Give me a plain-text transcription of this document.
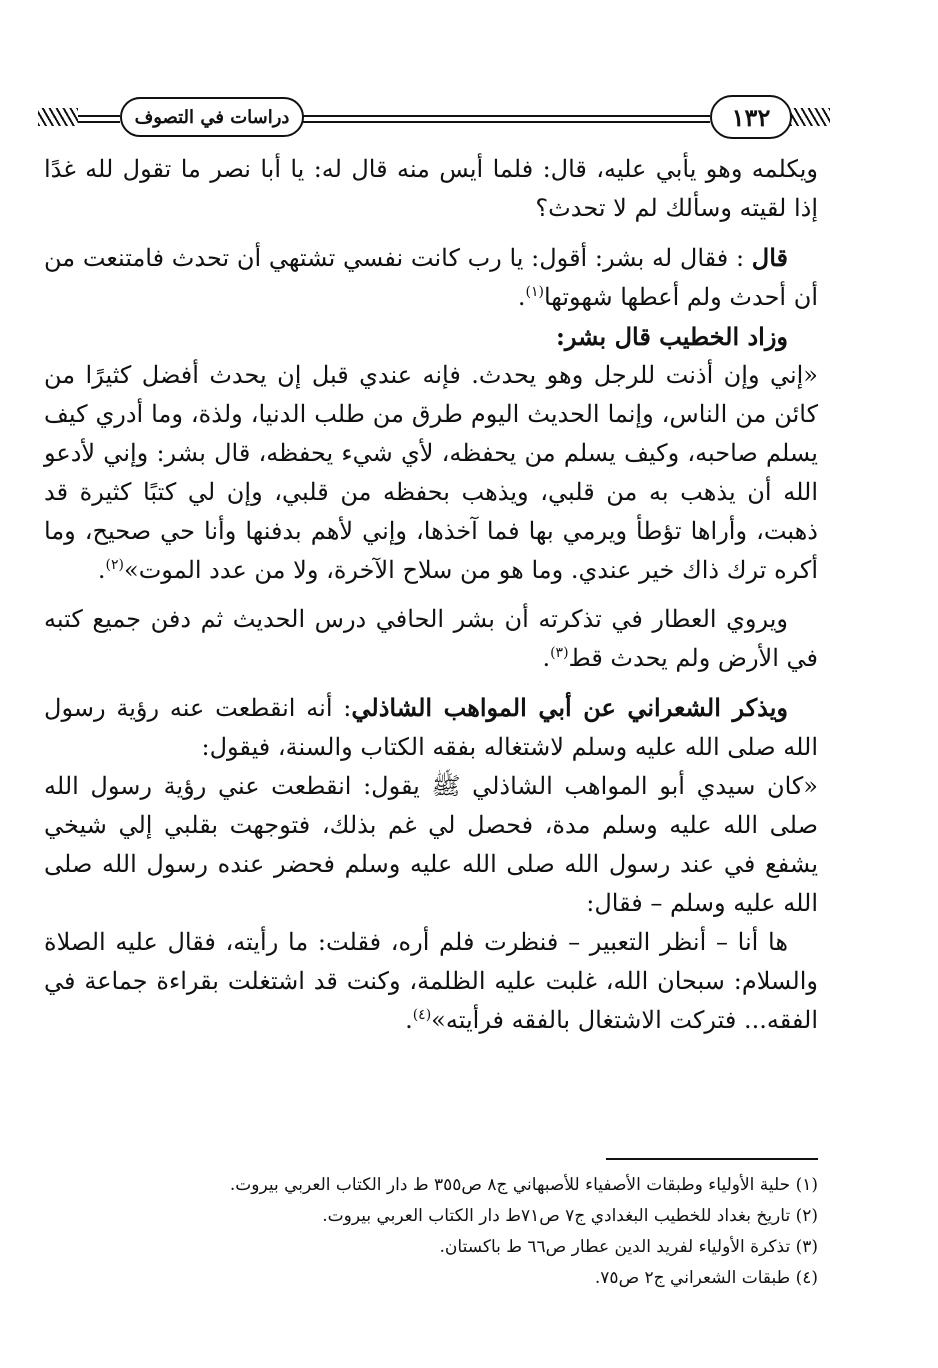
دراسات في التصوف	١٣٢

ويكلمه وهو يأبي عليه، قال: فلما أيس منه قال له: يا أبا نصر ما تقول لله غدًا إذا لقيته وسألك لم لا تحدث؟

قال : فقال له بشر: أقول: يا رب كانت نفسي تشتهي أن تحدث فامتنعت من أن أحدث ولم أعطها شهوتها$^{(١)}$.

وزاد الخطيب قال بشر:

«إني وإن أذنت للرجل وهو يحدث. فإنه عندي قبل إن يحدث أفضل كثيرًا من كائن من الناس، وإنما الحديث اليوم طرق من طلب الدنيا، ولذة، وما أدري كيف يسلم صاحبه، وكيف يسلم من يحفظه، لأي شيء يحفظه، قال بشر: وإني لأدعو الله أن يذهب به من قلبي، ويذهب بحفظه من قلبي، وإن لي كتبًا كثيرة قد ذهبت، وأراها تؤطأ ويرمي بها فما آخذها، وإني لأهم بدفنها وأنا حي صحيح، وما أكره ترك ذاك خير عندي. وما هو من سلاح الآخرة، ولا من عدد الموت»$^{(٢)}$.

ويروي العطار في تذكرته أن بشر الحافي درس الحديث ثم دفن جميع كتبه في الأرض ولم يحدث قط$^{(٣)}$.

ويذكر الشعراني عن أبي المواهب الشاذلي: أنه انقطعت عنه رؤية رسول الله صلى الله عليه وسلم لاشتغاله بفقه الكتاب والسنة، فيقول:

«كان سيدي أبو المواهب الشاذلي ﷺ يقول: انقطعت عني رؤية رسول الله صلى الله عليه وسلم مدة، فحصل لي غم بذلك، فتوجهت بقلبي إلي شيخي يشفع في عند رسول الله صلى الله عليه وسلم فحضر عنده رسول الله صلى الله عليه وسلم – فقال:

ها أنا – أنظر التعبير – فنظرت فلم أره، فقلت: ما رأيته، فقال عليه الصلاة والسلام: سبحان الله، غلبت عليه الظلمة، وكنت قد اشتغلت بقراءة جماعة في الفقه... فتركت الاشتغال بالفقه فرأيته»$^{(٤)}$.

(١) حلية الأولياء وطبقات الأصفياء للأصبهاني ج٨ ص٣٥٥ ط دار الكتاب العربي بيروت.
(٢) تاريخ بغداد للخطيب البغدادي ج٧ ص٧١ط دار الكتاب العربي بيروت.
(٣) تذكرة الأولياء لفريد الدين عطار ص٦٦ ط باكستان.
(٤) طبقات الشعراني ج٢ ص٧٥.
